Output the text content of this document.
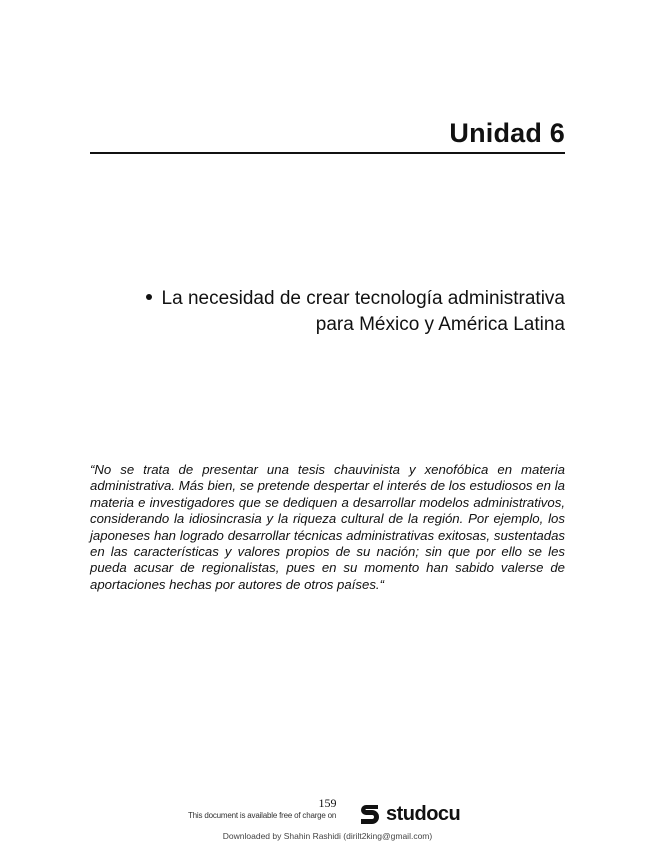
Unidad 6
La necesidad de crear tecnología administrativa
para México y América Latina

“No se trata de presentar una tesis chauvinista y xenofóbica en materia administrativa. Más bien, se pretende despertar el interés de los estudiosos en la materia e investigadores que se dediquen a desarrollar modelos administrativos, considerando la idiosincrasia y la riqueza cultural de la región. Por ejemplo, los japoneses han logrado desarrollar técnicas administrativas exitosas, sustentadas en las características y valores propios de su nación; sin que por ello se les pueda acusar de regionalistas, pues en su momento han sabido valerse de aportaciones hechas por autores de otros países.“

159
This document is available free of charge on studocu
Downloaded by Shahin Rashidi (dirilt2king@gmail.com)
